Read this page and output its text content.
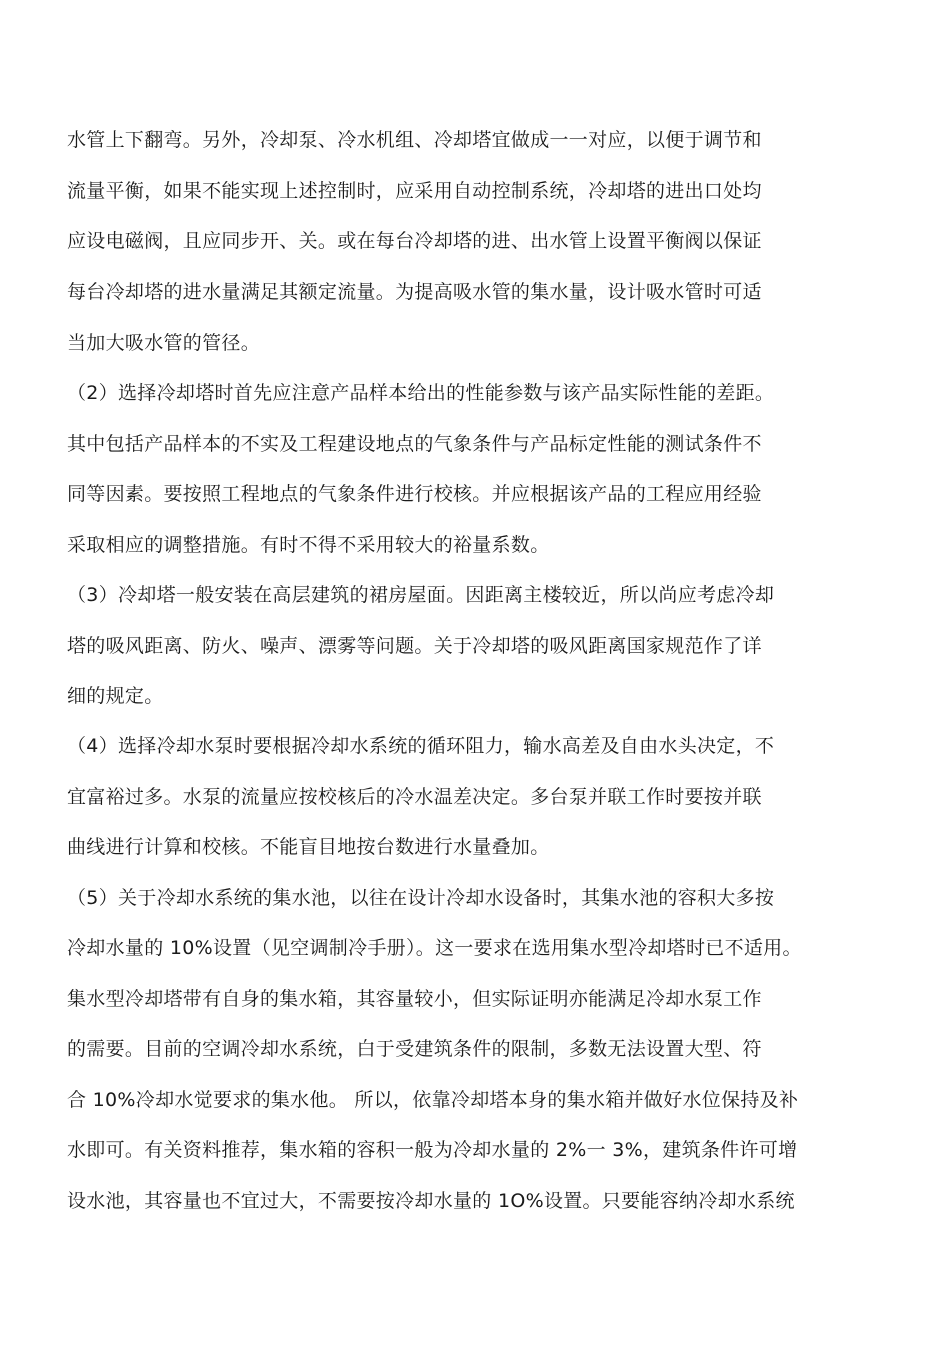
水管上下翻弯。另外，冷却泵、冷水机组、冷却塔宜做成一一对应，以便于调节和
流量平衡，如果不能实现上述控制时，应采用自动控制系统，冷却塔的进出口处均
应设电磁阀，且应同步开、关。或在每台冷却塔的进、出水管上设置平衡阀以保证
每台冷却塔的进水量满足其额定流量。为提高吸水管的集水量，设计吸水管时可适
当加大吸水管的管径。
（2）选择冷却塔时首先应注意产品样本给出的性能参数与该产品实际性能的差距。
其中包括产品样本的不实及工程建设地点的气象条件与产品标定性能的测试条件不
同等因素。要按照工程地点的气象条件进行校核。并应根据该产品的工程应用经验
采取相应的调整措施。有时不得不采用较大的裕量系数。
（3）冷却塔一般安装在高层建筑的裙房屋面。因距离主楼较近，所以尚应考虑冷却
塔的吸风距离、防火、噪声、漂雾等问题。关于冷却塔的吸风距离国家规范作了详
细的规定。
（4）选择冷却水泵时要根据冷却水系统的循环阻力，输水高差及自由水头决定，不
宜富裕过多。水泵的流量应按校核后的冷水温差决定。多台泵并联工作时要按并联
曲线进行计算和校核。不能盲目地按台数进行水量叠加。
（5）关于冷却水系统的集水池，以往在设计冷却水设备时，其集水池的容积大多按
冷却水量的 10%设置（见空调制冷手册）。这一要求在选用集水型冷却塔时已不适用。
集水型冷却塔带有自身的集水箱，其容量较小，但实际证明亦能满足冷却水泵工作
的需要。目前的空调冷却水系统，白于受建筑条件的限制，多数无法设置大型、符
合 10%冷却水觉要求的集水他。 所以，依靠冷却塔本身的集水箱并做好水位保持及补
水即可。有关资料推荐，集水箱的容积一般为冷却水量的 2%一 3%，建筑条件许可增
设水池，其容量也不宜过大，不需要按冷却水量的 1O%设置。只要能容纳冷却水系统
